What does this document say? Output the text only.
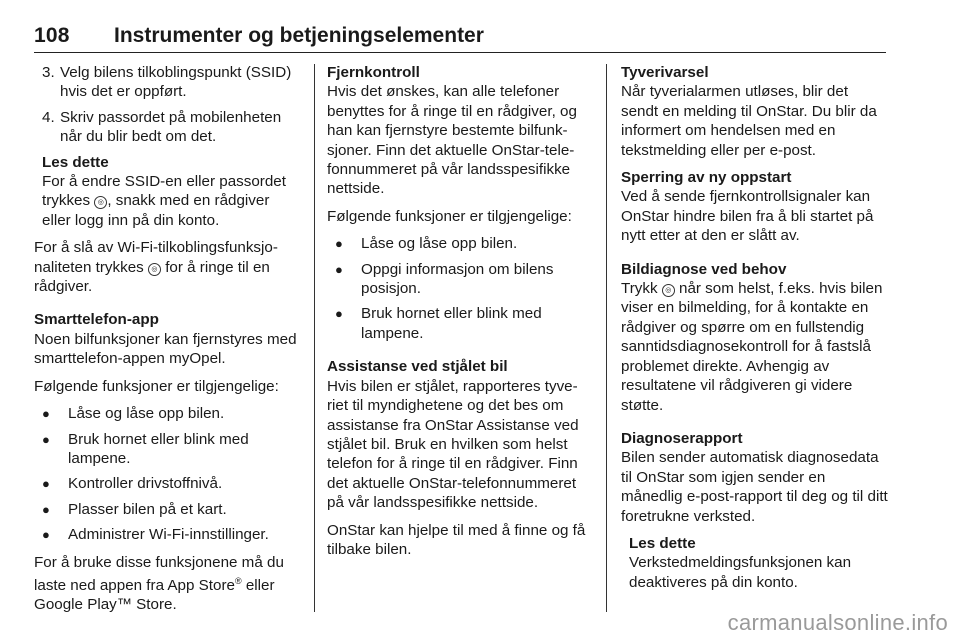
108 Instrumenter og betjeningselementer
3. Velg bilens tilkoblingspunkt (SSID) hvis det er oppført.
4. Skriv passordet på mobilenheten når du blir bedt om det.

Les dette

For å endre SSID-en eller passordet trykkes ◎ , snakk med en rådgiver eller logg inn på din konto.

For å slå av Wi-Fi-tilkoblingsfunksjonaliteten trykkes ◎ for å ringe til en rådgiver.

Smarttelefon-app

Noen bilfunksjoner kan fjernstyres med smarttelefon-appen myOpel.

Følgende funksjoner er tilgjengelige:

●	Låse og låse opp bilen.
●	Bruk hornet eller blink med lampene.
●	Kontroller drivstoffnivå.
●	Plasser bilen på et kart.
●	Administrer Wi-Fi-innstillinger.

For å bruke disse funksjonene må du laste ned appen fra App Store® eller Google Play™ Store.

Fjernkontroll

Hvis det ønskes, kan alle telefoner benyttes for å ringe til en rådgiver, og han kan fjernstyre bestemte bilfunksjoner. Finn det aktuelle OnStar-telefonnummeret på vår landsspesifikke nettside.

Følgende funksjoner er tilgjengelige:

●	Låse og låse opp bilen.
●	Oppgi informasjon om bilens posisjon.
●	Bruk hornet eller blink med lampene.

Assistanse ved stjålet bil

Hvis bilen er stjålet, rapporteres tyveriet til myndighetene og det bes om assistanse fra OnStar Assistanse ved stjålet bil. Bruk en hvilken som helst telefon for å ringe til en rådgiver. Finn det aktuelle OnStar-telefonnummeret på vår landsspesifikke nettside.

OnStar kan hjelpe til med å finne og få tilbake bilen.

Tyverivarsel

Når tyverialarmen utløses, blir det sendt en melding til OnStar. Du blir da informert om hendelsen med en tekstmelding eller per e-post.

Sperring av ny oppstart

Ved å sende fjernkontrollsignaler kan OnStar hindre bilen fra å bli startet på nytt etter at den er slått av.

Bildiagnose ved behov

Trykk ◎ når som helst, f.eks. hvis bilen viser en bilmelding, for å kontakte en rådgiver og spørre om en fullstendig sanntidsdiagnosekontroll for å fastslå problemet direkte. Avhengig av resultatene vil rådgiveren gi videre støtte.

Diagnoserapport

Bilen sender automatisk diagnosedata til OnStar som igjen sender en månedlig e-post-rapport til deg og til ditt foretrukne verksted.

Les dette

Verkstedmeldingsfunksjonen kan deaktiveres på din konto.

carmanualsonline.info
